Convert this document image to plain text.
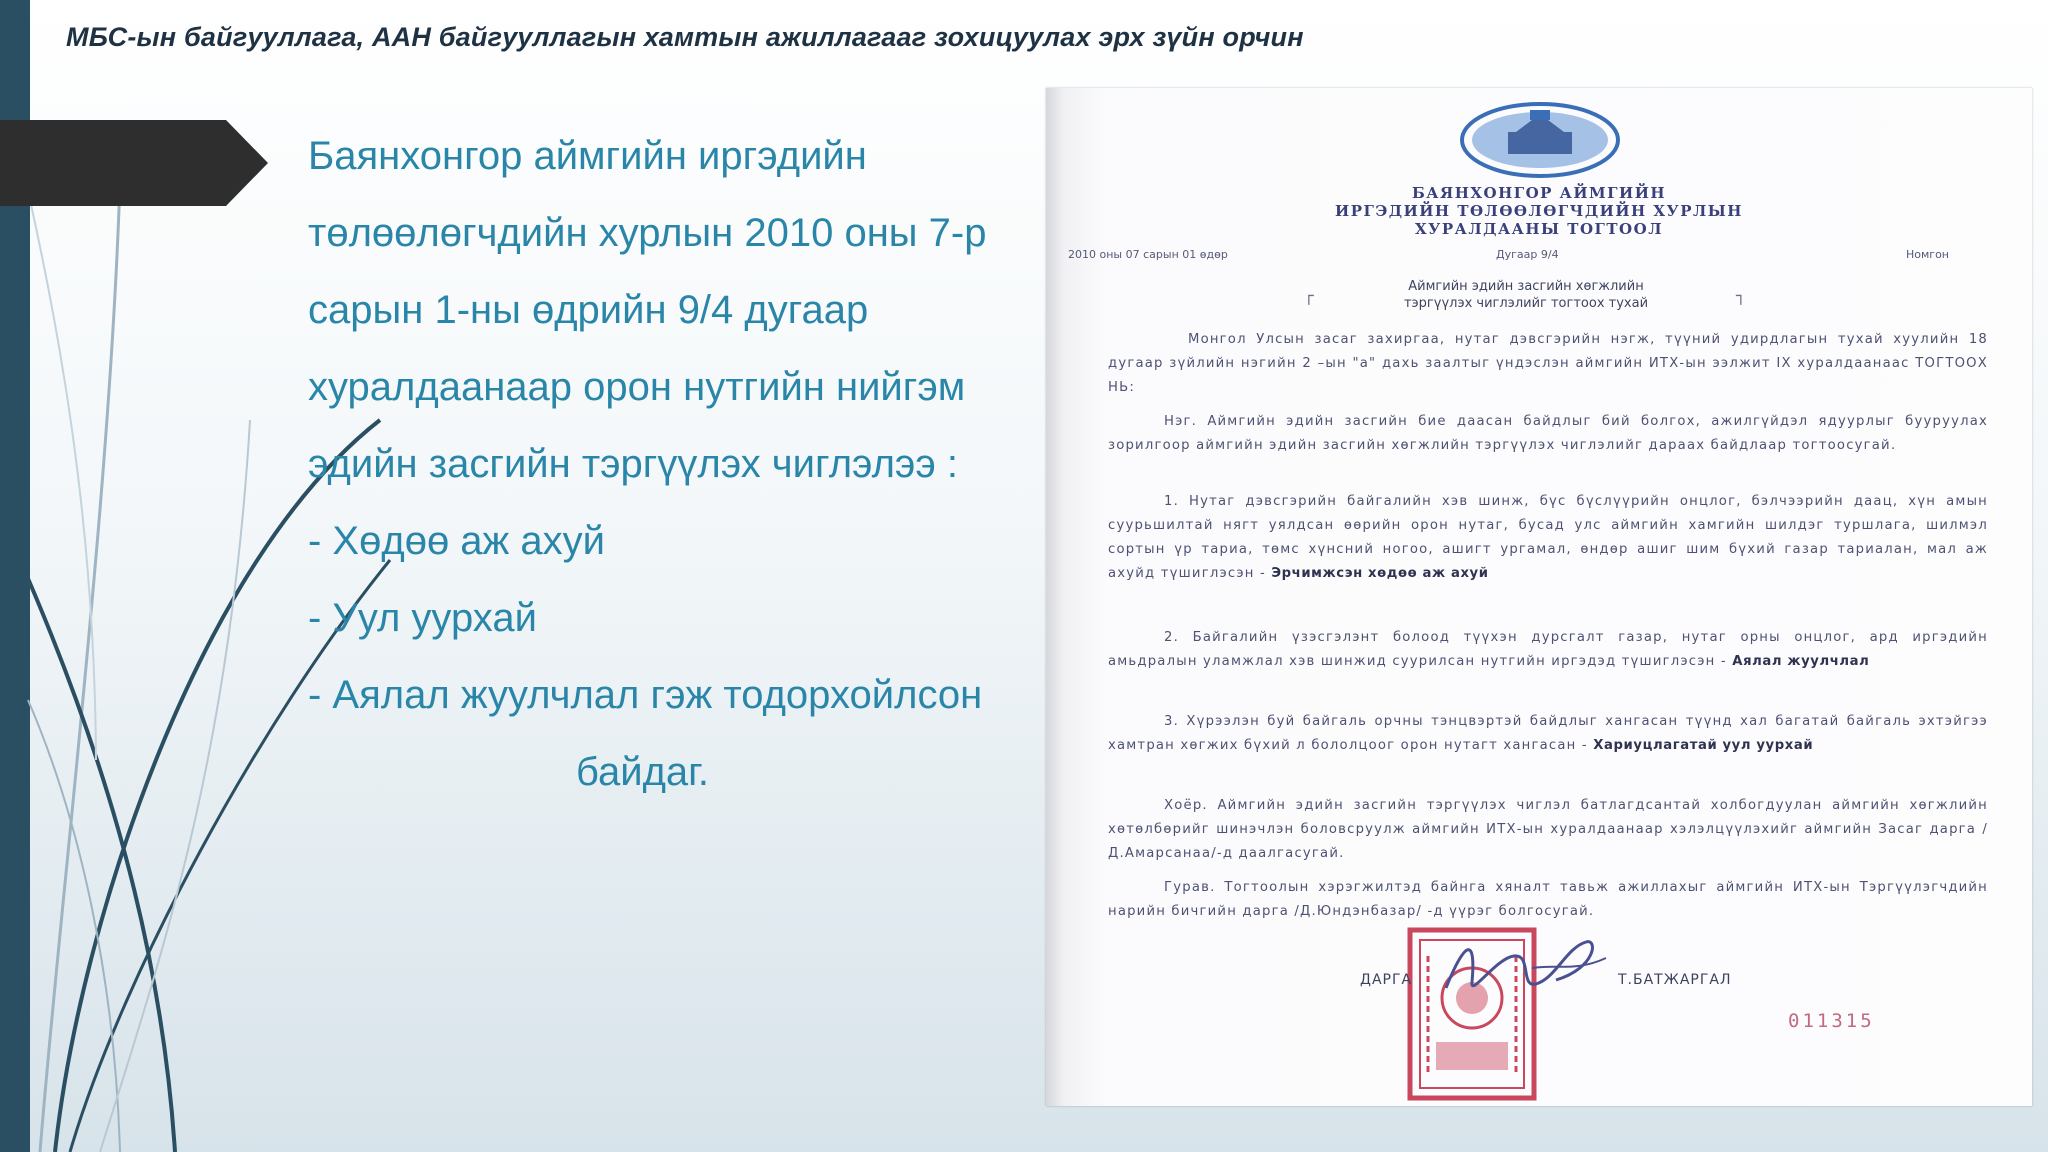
МБС-ын байгууллага, ААН байгууллагын хамтын ажиллагааг зохицуулах эрх зүйн орчин
Баянхонгор аймгийн иргэдийн
төлөөлөгчдийн хурлын 2010 оны 7-р
сарын 1-ны өдрийн 9/4 дугаар
хуралдаанаар орон нутгийн нийгэм
эдийн засгийн тэргүүлэх чиглэлээ :
- Хөдөө аж ахуй
- Уул уурхай
- Аялал жуулчлал гэж тодорхойлсон
байдаг.
БАЯНХОНГОР АЙМГИЙН
ИРГЭДИЙН ТӨЛӨӨЛӨГЧДИЙН ХУРЛЫН
ХУРАЛДААНЫ ТОГТООЛ
2010 оны 07 сарын 01 өдөр	Дугаар 9/4	Номгон
┌	┐
Аймгийн эдийн засгийн хөгжлийн
тэргүүлэх чиглэлийг тогтоох тухай
Монгол Улсын засаг захиргаа, нутаг дэвсгэрийн нэгж, түүний удирдлагын тухай хуулийн 18 дугаар зүйлийн нэгийн 2 –ын "а" дахь заалтыг үндэслэн аймгийн ИТХ-ын ээлжит IX хуралдаанаас ТОГТООХ НЬ:
Нэг. Аймгийн эдийн засгийн бие даасан байдлыг бий болгох, ажилгүйдэл ядуурлыг бууруулах зорилгоор аймгийн эдийн засгийн хөгжлийн тэргүүлэх чиглэлийг дараах байдлаар тогтоосугай.
1. Нутаг дэвсгэрийн байгалийн хэв шинж, бүс бүслүүрийн онцлог, бэлчээрийн даац, хүн амын суурьшилтай нягт уялдсан өөрийн орон нутаг, бусад улс аймгийн хамгийн шилдэг туршлага, шилмэл сортын үр тариа, төмс хүнсний ногоо, ашигт ургамал, өндөр ашиг шим бүхий газар тариалан, мал аж ахуйд түшиглэсэн - Эрчимжсэн хөдөө аж ахуй
2. Байгалийн үзэсгэлэнт болоод түүхэн дурсгалт газар, нутаг орны онцлог, ард иргэдийн амьдралын уламжлал хэв шинжид суурилсан нутгийн иргэдэд түшиглэсэн - Аялал жуулчлал
3. Хүрээлэн буй байгаль орчны тэнцвэртэй байдлыг хангасан түүнд хал багатай байгаль эхтэйгээ хамтран хөгжих бүхий л бололцоог орон нутагт хангасан - Хариуцлагатай уул уурхай
Хоёр. Аймгийн эдийн засгийн тэргүүлэх чиглэл батлагдсантай холбогдуулан аймгийн хөгжлийн хөтөлбөрийг шинэчлэн боловсруулж аймгийн ИТХ-ын хуралдаанаар хэлэлцүүлэхийг аймгийн Засаг дарга /Д.Амарсанаа/-д даалгасугай.
Гурав. Тогтоолын хэрэгжилтэд байнга хяналт тавьж ажиллахыг аймгийн ИТХ-ын Тэргүүлэгчдийн нарийн бичгийн дарга /Д.Юндэнбазар/ -д үүрэг болгосугай.
ДАРГА	Т.БАТЖАРГАЛ
011315
